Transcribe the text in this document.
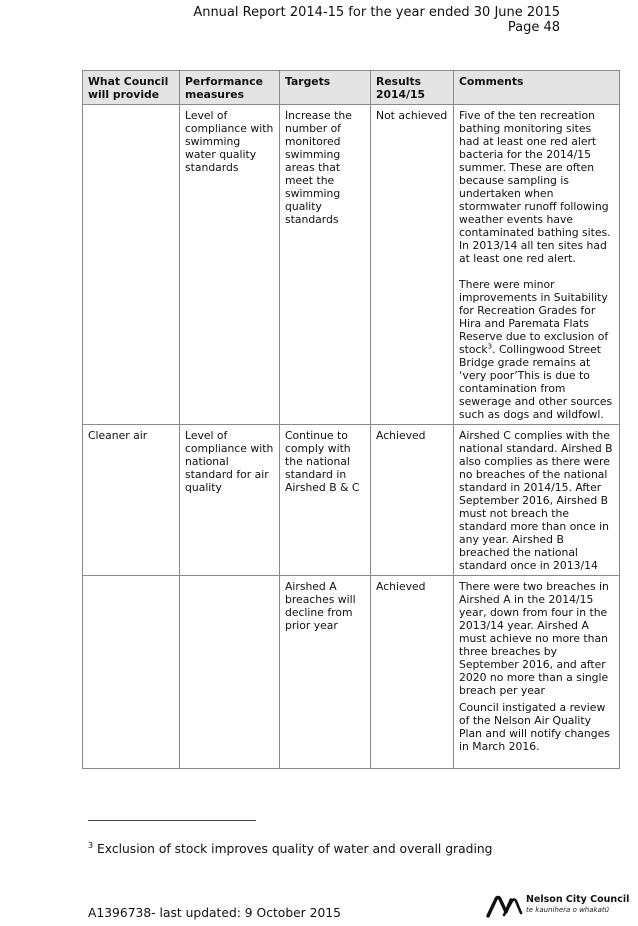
Annual Report 2014-15 for the year ended 30 June 2015
Page 48
What Council will provide	Performance measures	Targets	Results 2014/15	Comments
	Level of compliance with swimming water quality standards	Increase the number of monitored swimming areas that meet the swimming quality standards	Not achieved	Five of the ten recreation bathing monitoring sites had at least one red alert bacteria for the 2014/15 summer. These are often because sampling is undertaken when stormwater runoff following weather events have contaminated bathing sites. In 2013/14 all ten sites had at least one red alert.

There were minor improvements in Suitability for Recreation Grades for Hira and Paremata Flats Reserve due to exclusion of stock$^3$. Collingwood Street Bridge grade remains at ‘very poor’This is due to contamination from sewerage and other sources such as dogs and wildfowl.

Cleaner air	Level of compliance with national standard for air quality	Continue to comply with the national standard in Airshed B & C	Achieved	Airshed C complies with the national standard. Airshed B also complies as there were no breaches of the national standard in 2014/15. After September 2016, Airshed B must not breach the standard more than once in any year. Airshed B breached the national standard once in 2013/14

		Airshed A breaches will decline from prior year	Achieved	There were two breaches in Airshed A in the 2014/15 year, down from four in the 2013/14 year. Airshed A must achieve no more than three breaches by September 2016, and after 2020 no more than a single breach per year

Council instigated a review of the Nelson Air Quality Plan and will notify changes in March 2016.

$^3$ Exclusion of stock improves quality of water and overall grading
A1396738- last updated: 9 October 2015
Nelson City Council
te kaunihera o whakatū
